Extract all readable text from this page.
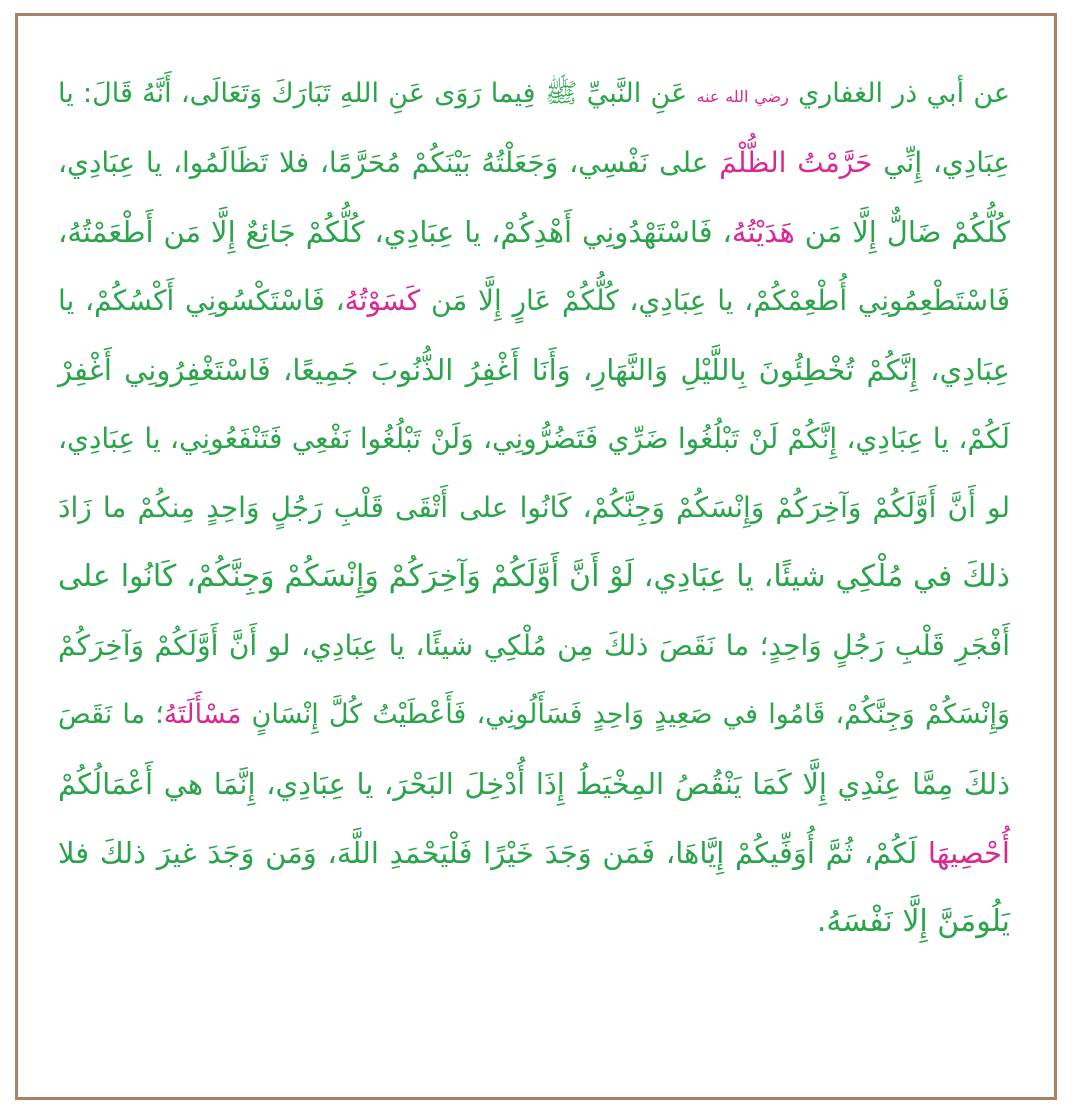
عن أبي ذر الغفاري رضي الله عنه عَنِ النَّبيِّ ﷺ فِيما رَوَى عَنِ اللهِ تَبَارَكَ وَتَعَالَى، أَنَّهُ قَالَ: يا
عِبَادِي، إِنِّي حَرَّمْتُ الظُّلْمَ على نَفْسِي، وَجَعَلْتُهُ بَيْنَكُمْ مُحَرَّمًا، فلا تَظَالَمُوا، يا عِبَادِي،
كُلُّكُمْ ضَالٌّ إِلَّا مَن هَدَيْتُهُ، فَاسْتَهْدُونِي أَهْدِكُمْ، يا عِبَادِي، كُلُّكُمْ جَائِعٌ إِلَّا مَن أَطْعَمْتُهُ،
فَاسْتَطْعِمُونِي أُطْعِمْكُمْ، يا عِبَادِي، كُلُّكُمْ عَارٍ إِلَّا مَن كَسَوْتُهُ، فَاسْتَكْسُونِي أَكْسُكُمْ، يا
عِبَادِي، إِنَّكُمْ تُخْطِئُونَ بِاللَّيْلِ وَالنَّهَارِ، وَأَنَا أَغْفِرُ الذُّنُوبَ جَمِيعًا، فَاسْتَغْفِرُونِي أَغْفِرْ
لَكُمْ، يا عِبَادِي، إِنَّكُمْ لَنْ تَبْلُغُوا ضَرِّي فَتَضُرُّونِي، وَلَنْ تَبْلُغُوا نَفْعِي فَتَنْفَعُونِي، يا عِبَادِي،
لو أَنَّ أَوَّلَكُمْ وَآخِرَكُمْ وَإِنْسَكُمْ وَجِنَّكُمْ، كَانُوا على أَتْقَى قَلْبِ رَجُلٍ وَاحِدٍ مِنكُمْ ما زَادَ
ذلكَ في مُلْكِي شيئًا، يا عِبَادِي، لَوْ أَنَّ أَوَّلَكُمْ وَآخِرَكُمْ وَإِنْسَكُمْ وَجِنَّكُمْ، كَانُوا على
أَفْجَرِ قَلْبِ رَجُلٍ وَاحِدٍ؛ ما نَقَصَ ذلكَ مِن مُلْكِي شيئًا، يا عِبَادِي، لو أَنَّ أَوَّلَكُمْ وَآخِرَكُمْ
وَإِنْسَكُمْ وَجِنَّكُمْ، قَامُوا في صَعِيدٍ وَاحِدٍ فَسَأَلُونِي، فَأَعْطَيْتُ كُلَّ إِنْسَانٍ مَسْأَلَتَهُ؛ ما نَقَصَ
ذلكَ مِمَّا عِنْدِي إِلَّا كَمَا يَنْقُصُ المِخْيَطُ إِذَا أُدْخِلَ البَحْرَ، يا عِبَادِي، إِنَّمَا هي أَعْمَالُكُمْ
أُحْصِيهَا لَكُمْ، ثُمَّ أُوَفِّيكُمْ إِيَّاهَا، فَمَن وَجَدَ خَيْرًا فَلْيَحْمَدِ اللَّهَ، وَمَن وَجَدَ غيرَ ذلكَ فلا
يَلُومَنَّ إِلَّا نَفْسَهُ.
